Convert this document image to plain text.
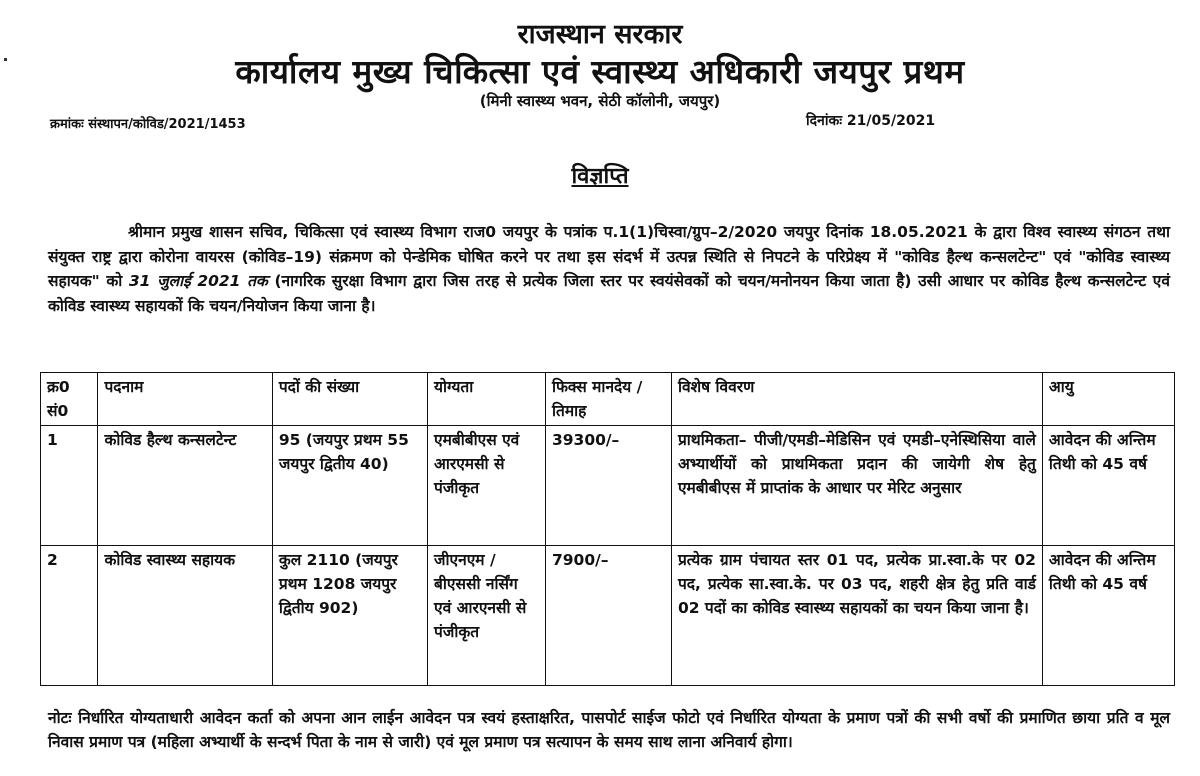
राजस्थान सरकार
कार्यालय मुख्य चिकित्सा एवं स्वास्थ्य अधिकारी जयपुर प्रथम
(मिनी स्वास्थ्य भवन, सेठी कॉलोनी, जयपुर)
क्रमांकः संस्थापन/कोविड/2021/1453	दिनांकः 21/05/2021
विज्ञप्ति
श्रीमान प्रमुख शासन सचिव, चिकित्सा एवं स्वास्थ्य विभाग राज0 जयपुर के पत्रांक प.1(1)चिस्वा/ग्रुप–2/2020 जयपुर दिनांक 18.05.2021 के द्वारा विश्व स्वास्थ्य संगठन तथा संयुक्त राष्ट्र द्वारा कोरोना वायरस (कोविड–19) संक्रमण को पेन्डेमिक घोषित करने पर तथा इस संदर्भ में उत्पन्न स्थिति से निपटने के परिप्रेक्ष्य में "कोविड हैल्थ कन्सलटेन्ट" एवं "कोविड स्वास्थ्य सहायक" को 31 जुलाई 2021 तक (नागरिक सुरक्षा विभाग द्वारा जिस तरह से प्रत्येक जिला स्तर पर स्वयंसेवकों को चयन/मनोनयन किया जाता है) उसी आधार पर कोविड हैल्थ कन्सलटेन्ट एवं कोविड स्वास्थ्य सहायकों कि चयन/नियोजन किया जाना है।
क्र0 सं0	पदनाम	पदों की संख्या	योग्यता	फिक्स मानदेय /तिमाह	विशेष विवरण	आयु
1	कोविड हैल्थ कन्सलटेन्ट	95 (जयपुर प्रथम 55 जयपुर द्वितीय 40)	एमबीबीएस एवं आरएमसी से पंजीकृत	39300/–	प्राथमिकता– पीजी/एमडी–मेडिसिन एवं एमडी–एनेस्थिसिया वाले अभ्यार्थीयों को प्राथमिकता प्रदान की जायेगी शेष हेतु एमबीबीएस में प्राप्तांक के आधार पर मेरिट अनुसार	आवेदन की अन्तिम तिथी को 45 वर्ष
2	कोविड स्वास्थ्य सहायक	कुल 2110 (जयपुर प्रथम 1208 जयपुर द्वितीय 902)	जीएनएम /बीएससी नर्सिंग एवं आरएनसी से पंजीकृत	7900/–	प्रत्येक ग्राम पंचायत स्तर 01 पद, प्रत्येक प्रा.स्वा.के पर 02 पद, प्रत्येक सा.स्वा.के. पर 03 पद, शहरी क्षेत्र हेतु प्रति वार्ड 02 पदों का कोविड स्वास्थ्य सहायकों का चयन किया जाना है।	आवेदन की अन्तिम तिथी को 45 वर्ष
नोटः निर्धारित योग्यताधारी आवेदन कर्ता को अपना आन लाईन आवेदन पत्र स्वयं हस्ताक्षरित, पासपोर्ट साईज फोटो एवं निर्धारित योग्यता के प्रमाण पत्रों की सभी वर्षो की प्रमाणित छाया प्रति व मूल निवास प्रमाण पत्र (महिला अभ्यार्थी के सन्दर्भ पिता के नाम से जारी) एवं मूल प्रमाण पत्र सत्यापन के समय साथ लाना अनिवार्य होगा।
